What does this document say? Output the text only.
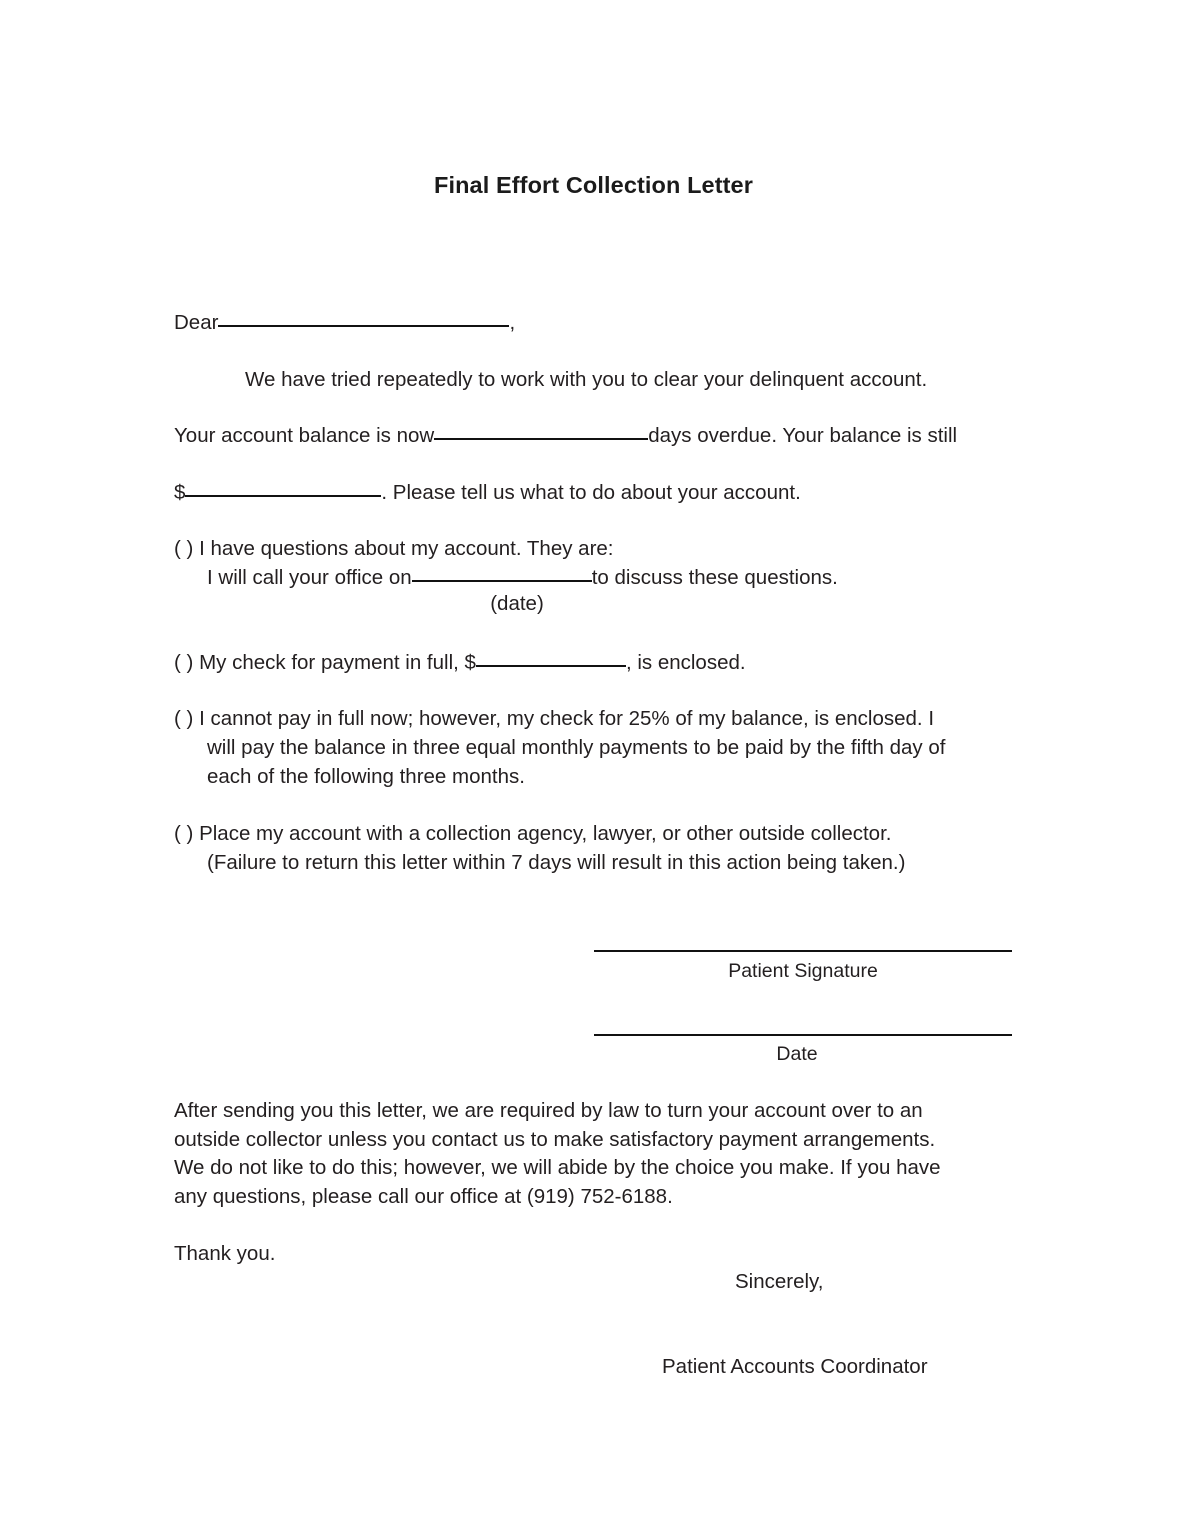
Final Effort Collection Letter
Dear	,
We have tried repeatedly to work with you to clear your delinquent account.
Your account balance is now	days overdue. Your balance is still
$	. Please tell us what to do about your account.
( ) I have questions about my account. They are:
I will call your office on	to discuss these questions.
(date)
( ) My check for payment in full, $	, is enclosed.
( ) I cannot pay in full now; however, my check for 25% of my balance, is enclosed. I
will pay the balance in three equal monthly payments to be paid by the fifth day of
each of the following three months.
( ) Place my account with a collection agency, lawyer, or other outside collector.
(Failure to return this letter within 7 days will result in this action being taken.)
Patient Signature
Date
After sending you this letter, we are required by law to turn your account over to an
outside collector unless you contact us to make satisfactory payment arrangements.
We do not like to do this; however, we will abide by the choice you make. If you have
any questions, please call our office at (919) 752-6188.
Thank you.
Sincerely,
Patient Accounts Coordinator
